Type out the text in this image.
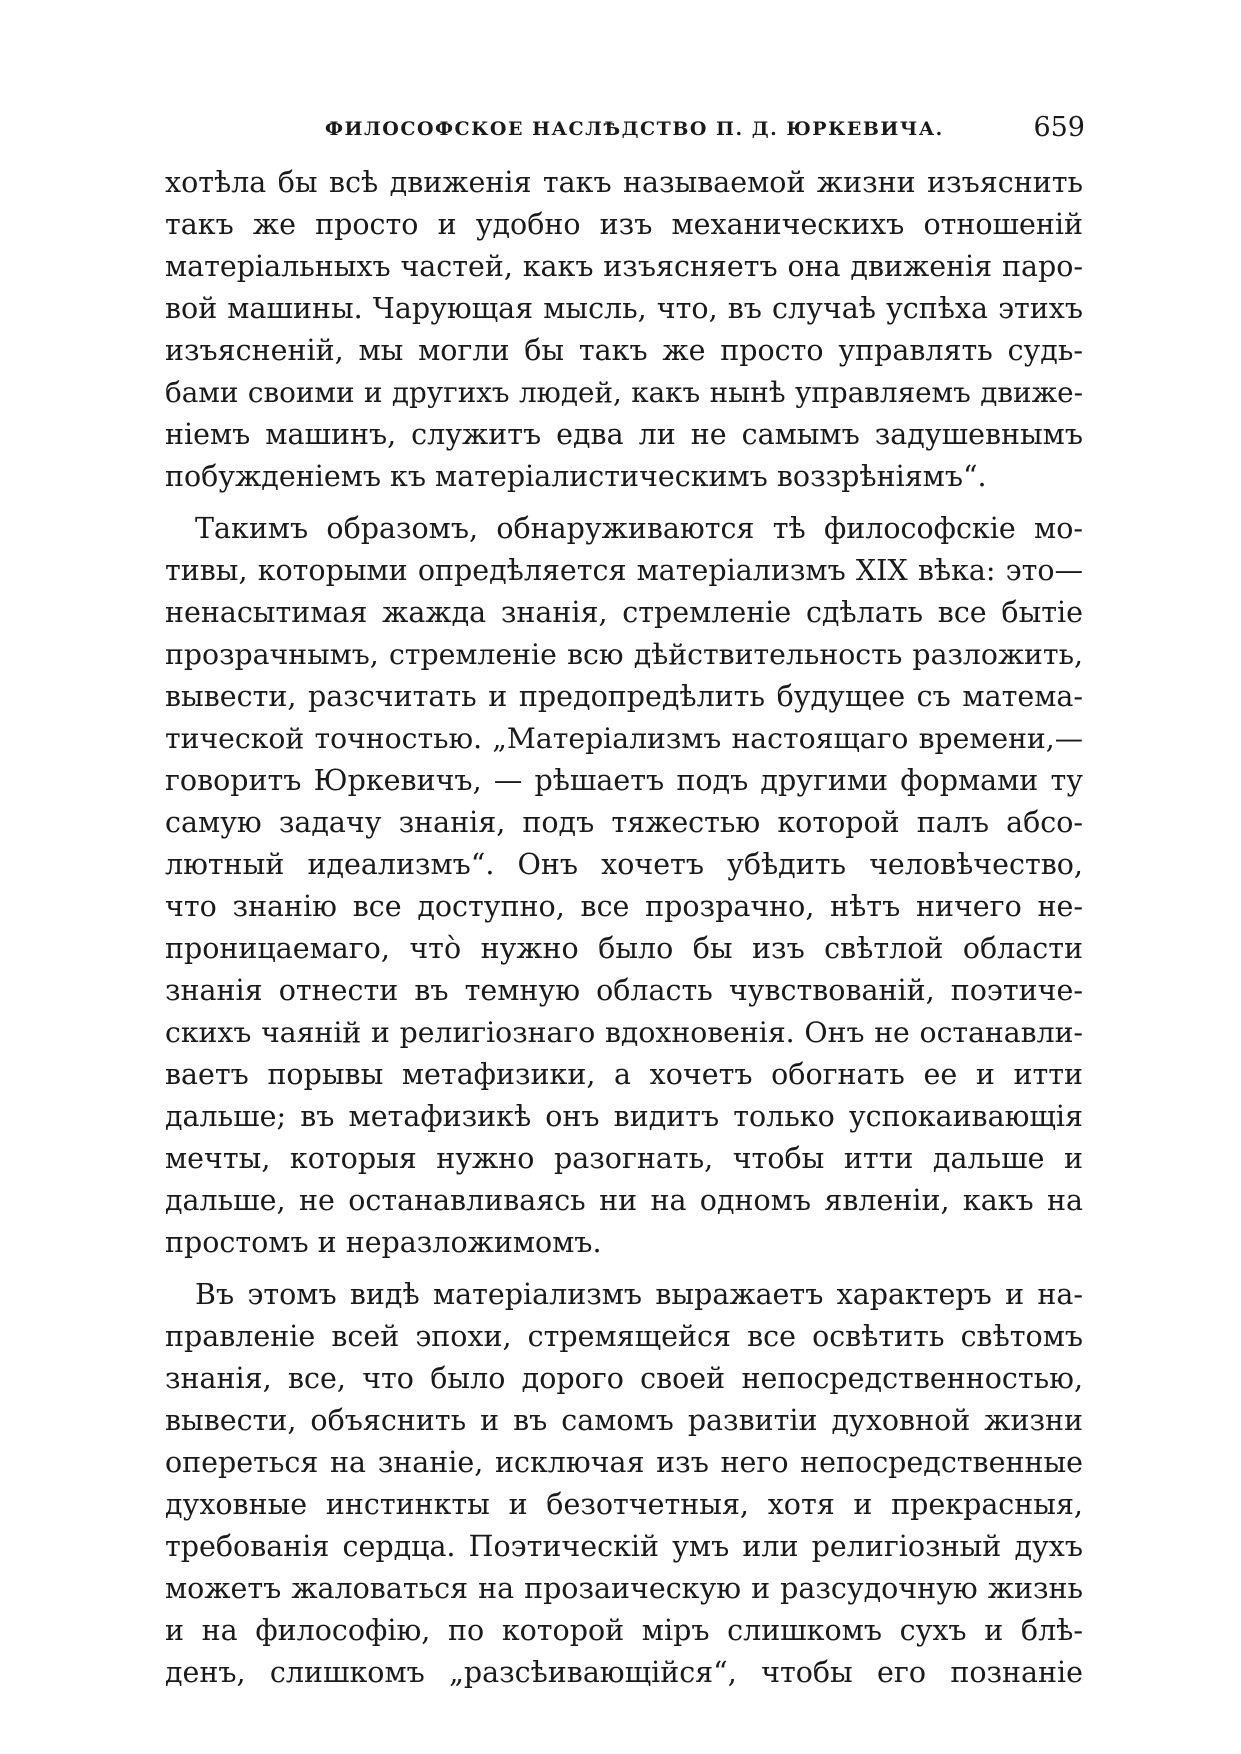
ФИЛОСОФСКОЕ НАСЛѢДСТВО П. Д. ЮРКЕВИЧА.	659
хотѣла бы всѣ движенія такъ называемой жизни изъяснить
такъ же просто и удобно изъ механическихъ отношеній
матеріальныхъ частей, какъ изъясняетъ она движенія паро-
вой машины. Чарующая мысль, что, въ случаѣ успѣха этихъ
изъясненій, мы могли бы такъ же просто управлять судь-
бами своими и другихъ людей, какъ нынѣ управляемъ движе-
ніемъ машинъ, служитъ едва ли не самымъ задушевнымъ
побужденіемъ къ матеріалистическимъ воззрѣніямъ“.
Такимъ образомъ, обнаруживаются тѣ философскіе мо-
тивы, которыми опредѣляется матеріализмъ XIX вѣка: это—
ненасытимая жажда знанія, стремленіе сдѣлать все бытіе
прозрачнымъ, стремленіе всю дѣйствительность разложить,
вывести, разсчитать и предопредѣлить будущее съ матема-
тической точностью. „Матеріализмъ настоящаго времени,—
говоритъ Юркевичъ, — рѣшаетъ подъ другими формами ту
самую задачу знанія, подъ тяжестью которой палъ абсо-
лютный идеализмъ“. Онъ хочетъ убѣдить человѣчество,
что знанію все доступно, все прозрачно, нѣтъ ничего не-
проницаемаго, что̀ нужно было бы изъ свѣтлой области
знанія отнести въ темную область чувствованій, поэтиче-
скихъ чаяній и религіознаго вдохновенія. Онъ не останавли-
ваетъ порывы метафизики, а хочетъ обогнать ее и итти
дальше; въ метафизикѣ онъ видитъ только успокаивающія
мечты, которыя нужно разогнать, чтобы итти дальше и
дальше, не останавливаясь ни на одномъ явленіи, какъ на
простомъ и неразложимомъ.
Въ этомъ видѣ матеріализмъ выражаетъ характеръ и на-
правленіе всей эпохи, стремящейся все освѣтить свѣтомъ
знанія, все, что было дорого своей непосредственностью,
вывести, объяснить и въ самомъ развитіи духовной жизни
опереться на знаніе, исключая изъ него непосредственные
духовные инстинкты и безотчетныя, хотя и прекрасныя,
требованія сердца. Поэтическій умъ или религіозный духъ
можетъ жаловаться на прозаическую и разсудочную жизнь
и на философію, по которой міръ слишкомъ сухъ и блѣ-
денъ, слишкомъ „разсѣивающійся“, чтобы его познаніе
